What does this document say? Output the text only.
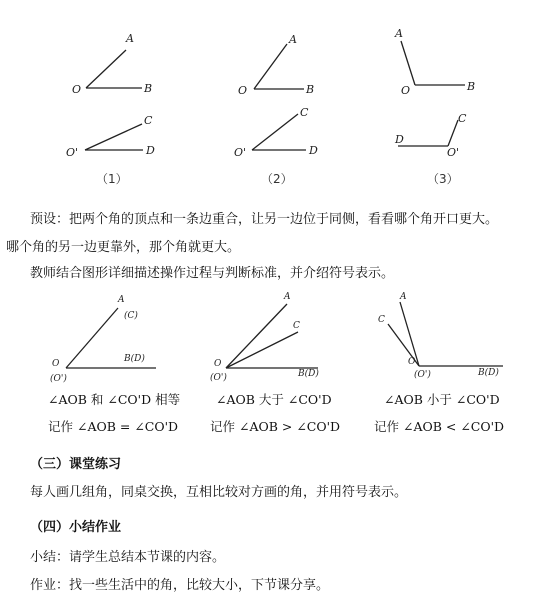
A
O	B
C
O'	D
（1）
A
O	B
C
O'	D
（2）
A
O	B
C
D
O'
（3）
A
(C)
O
(O')
B(D)
∠AOB 和 ∠CO'D 相等
记作 ∠AOB = ∠CO'D
A
C
O
(O')	B(D)
∠AOB 大于 ∠CO'D
记作 ∠AOB > ∠CO'D
A
C
O
(O')	B(D)
∠AOB 小于 ∠CO'D
记作 ∠AOB < ∠CO'D
预设：把两个角的顶点和一条边重合，让另一边位于同侧，看看哪个角开口更大。
哪个角的另一边更靠外，那个角就更大。
教师结合图形详细描述操作过程与判断标准，并介绍符号表示。
（三）课堂练习
每人画几组角，同桌交换，互相比较对方画的角，并用符号表示。
（四）小结作业
小结：请学生总结本节课的内容。
作业：找一些生活中的角，比较大小，下节课分享。
